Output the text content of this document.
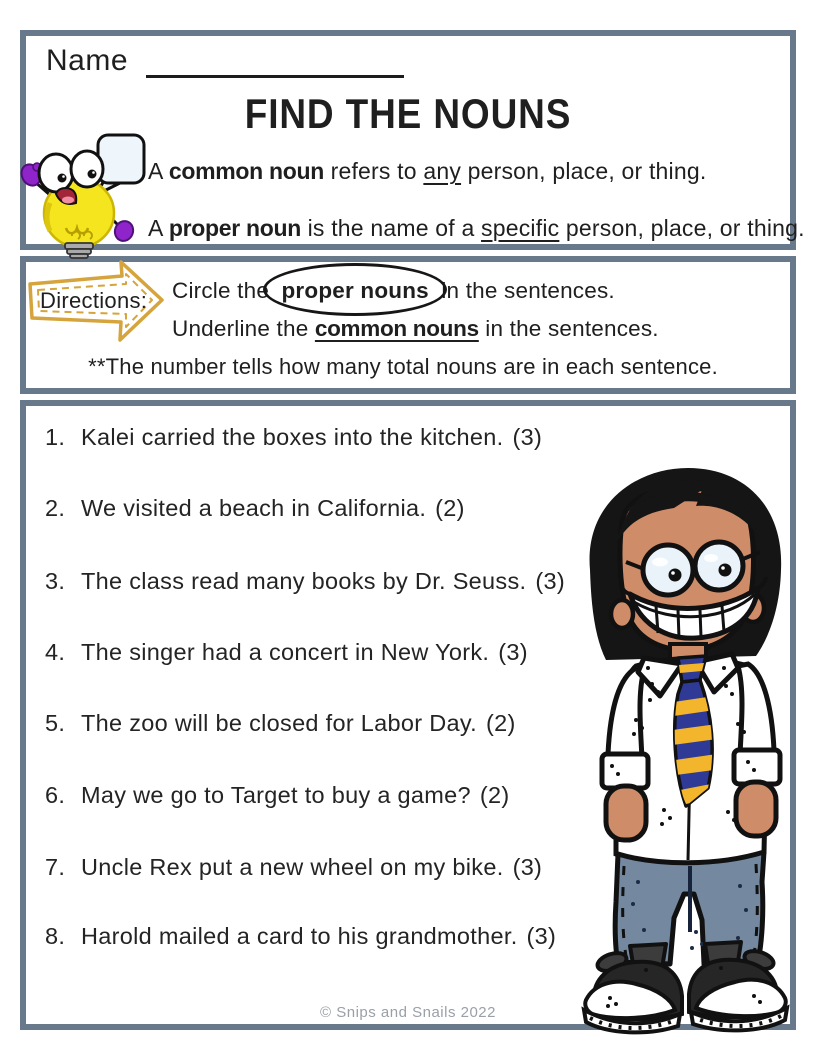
Name
FIND THE NOUNS
A common noun refers to any person, place, or thing.
A proper noun is the name of a specific person, place, or thing.
Directions: Circle the proper nouns in the sentences.
Underline the common nouns in the sentences.
**The number tells how many total nouns are in each sentence.
1. Kalei carried the boxes into the kitchen. (3)
2. We visited a beach in California. (2)
3. The class read many books by Dr. Seuss. (3)
4. The singer had a concert in New York. (3)
5. The zoo will be closed for Labor Day. (2)
6. May we go to Target to buy a game? (2)
7. Uncle Rex put a new wheel on my bike. (3)
8. Harold mailed a card to his grandmother. (3)
© Snips and Snails 2022
